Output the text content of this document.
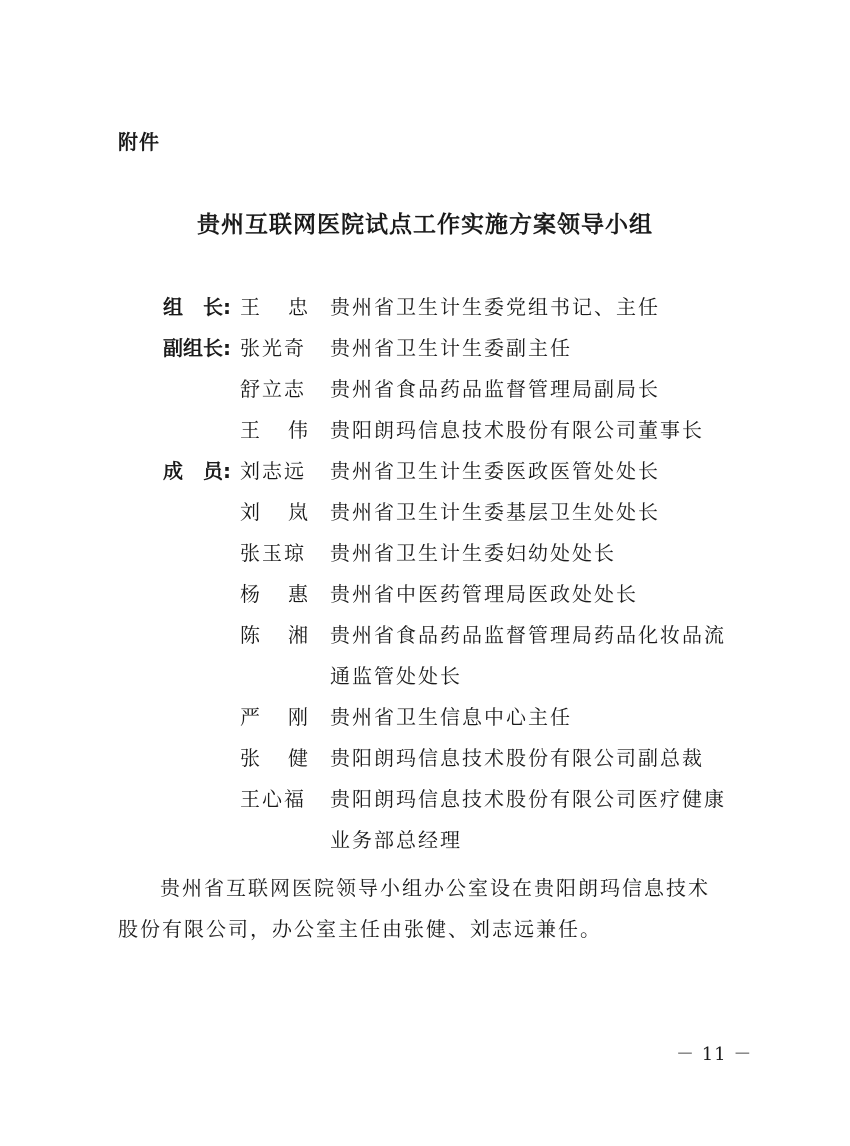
附件
贵州互联网医院试点工作实施方案领导小组
组　长: 王 忠 贵州省卫生计生委党组书记、主任
副组长: 张光奇 贵州省卫生计生委副主任
舒立志 贵州省食品药品监督管理局副局长
王 伟 贵阳朗玛信息技术股份有限公司董事长
成　员: 刘志远 贵州省卫生计生委医政医管处处长
刘 岚 贵州省卫生计生委基层卫生处处长
张玉琼 贵州省卫生计生委妇幼处处长
杨 惠 贵州省中医药管理局医政处处长
陈 湘 贵州省食品药品监督管理局药品化妆品流
通监管处处长
严 刚 贵州省卫生信息中心主任
张 健 贵阳朗玛信息技术股份有限公司副总裁
王心福 贵阳朗玛信息技术股份有限公司医疗健康
业务部总经理
贵州省互联网医院领导小组办公室设在贵阳朗玛信息技术
股份有限公司，办公室主任由张健、刘志远兼任。
－ 11 －
